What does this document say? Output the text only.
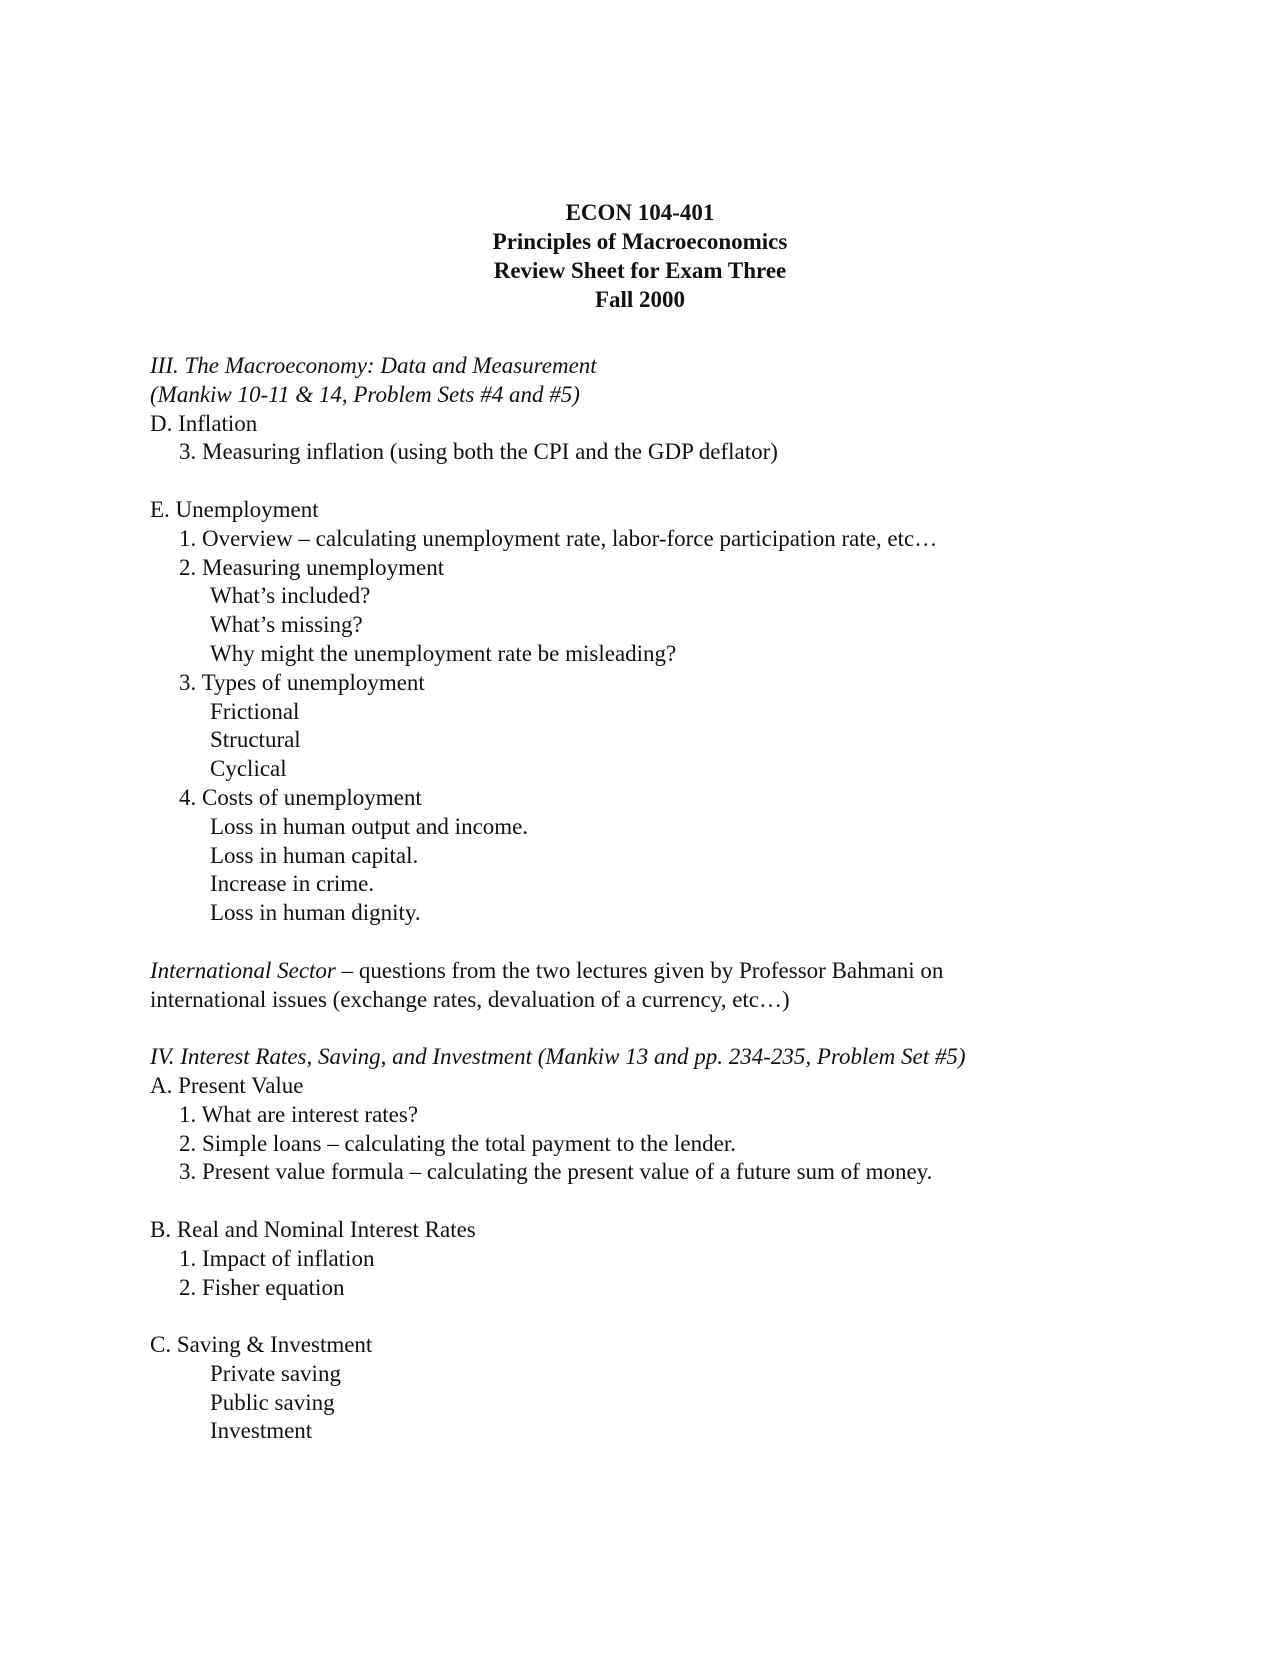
ECON 104-401
Principles of Macroeconomics
Review Sheet for Exam Three
Fall 2000
III. The Macroeconomy: Data and Measurement
(Mankiw 10-11 & 14, Problem Sets #4 and #5)
D. Inflation
3. Measuring inflation (using both the CPI and the GDP deflator)
E. Unemployment
1. Overview – calculating unemployment rate, labor-force participation rate, etc…
2. Measuring unemployment
What’s included?
What’s missing?
Why might the unemployment rate be misleading?
3. Types of unemployment
Frictional
Structural
Cyclical
4. Costs of unemployment
Loss in human output and income.
Loss in human capital.
Increase in crime.
Loss in human dignity.
International Sector – questions from the two lectures given by Professor Bahmani on
international issues (exchange rates, devaluation of a currency, etc…)
IV. Interest Rates, Saving, and Investment (Mankiw 13 and pp. 234-235, Problem Set #5)
A. Present Value
1. What are interest rates?
2. Simple loans – calculating the total payment to the lender.
3. Present value formula – calculating the present value of a future sum of money.
B. Real and Nominal Interest Rates
1. Impact of inflation
2. Fisher equation
C. Saving & Investment
Private saving
Public saving
Investment
